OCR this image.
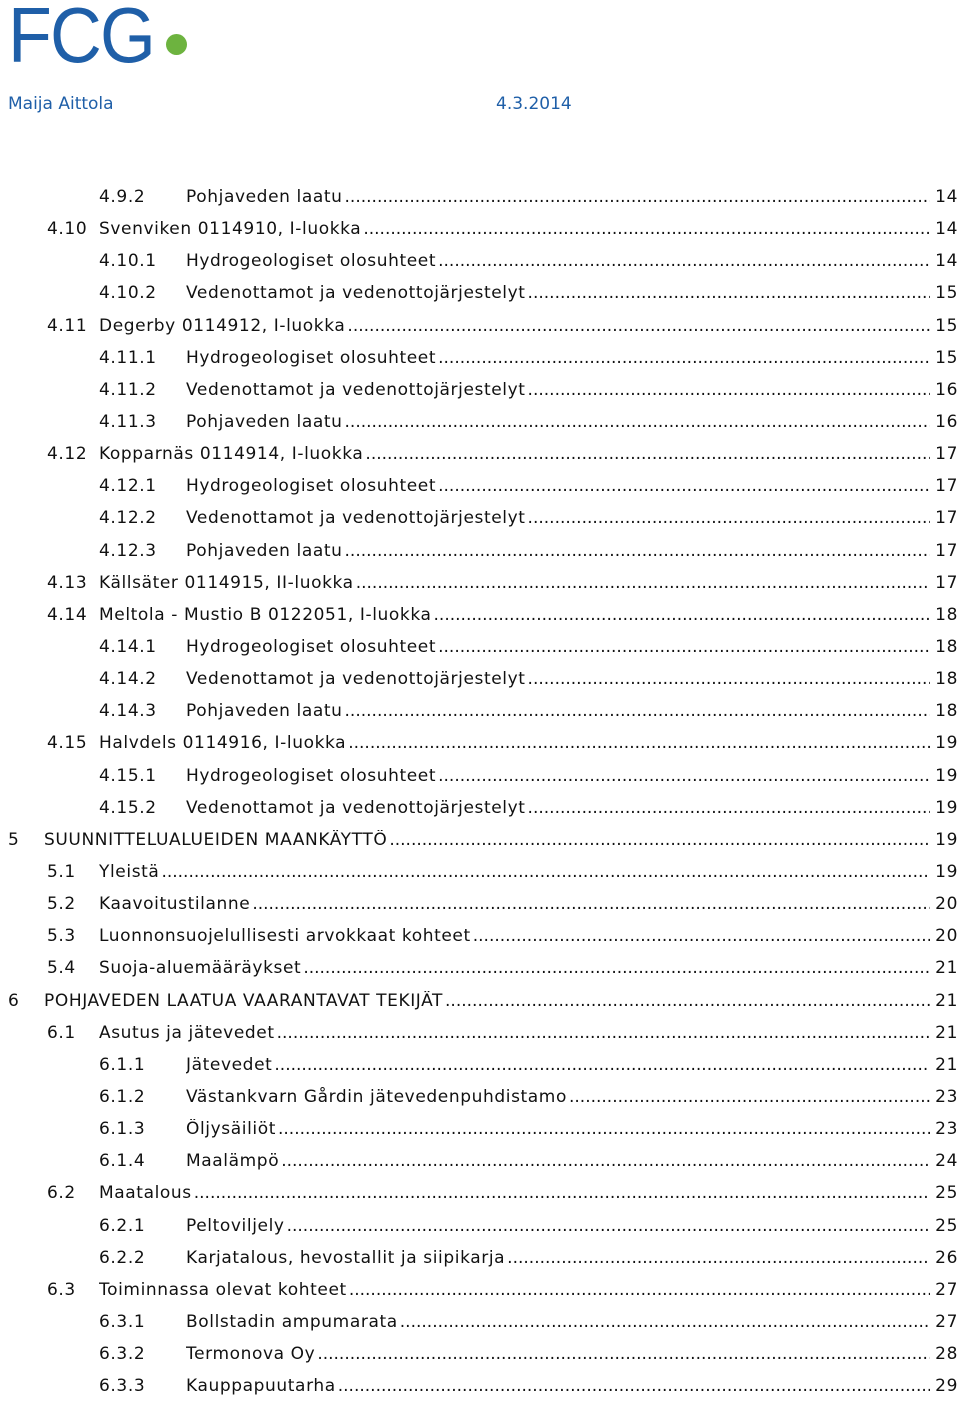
FCG
Maija Aittola	4.3.2014
4.9.2 Pohjaveden laatu .....	14
4.10 Svenviken 0114910, I-luokka .....	14
4.10.1 Hydrogeologiset olosuhteet .....	14
4.10.2 Vedenottamot ja vedenottojärjestelyt .....	15
4.11 Degerby 0114912, I-luokka .....	15
4.11.1 Hydrogeologiset olosuhteet .....	15
4.11.2 Vedenottamot ja vedenottojärjestelyt .....	16
4.11.3 Pohjaveden laatu .....	16
4.12 Kopparnäs 0114914, I-luokka .....	17
4.12.1 Hydrogeologiset olosuhteet .....	17
4.12.2 Vedenottamot ja vedenottojärjestelyt .....	17
4.12.3 Pohjaveden laatu .....	17
4.13 Källsäter 0114915, II-luokka .....	17
4.14 Meltola - Mustio B 0122051, I-luokka .....	18
4.14.1 Hydrogeologiset olosuhteet .....	18
4.14.2 Vedenottamot ja vedenottojärjestelyt .....	18
4.14.3 Pohjaveden laatu .....	18
4.15 Halvdels 0114916, I-luokka .....	19
4.15.1 Hydrogeologiset olosuhteet .....	19
4.15.2 Vedenottamot ja vedenottojärjestelyt .....	19
5 SUUNNITTELUALUEIDEN MAANKÄYTTÖ .....	19
5.1 Yleistä .....	19
5.2 Kaavoitustilanne .....	20
5.3 Luonnonsuojelullisesti arvokkaat kohteet .....	20
5.4 Suoja-aluemääräykset .....	21
6 POHJAVEDEN LAATUA VAARANTAVAT TEKIJÄT .....	21
6.1 Asutus ja jätevedet .....	21
6.1.1 Jätevedet .....	21
6.1.2 Västankvarn Gårdin jätevedenpuhdistamo .....	23
6.1.3 Öljysäiliöt .....	23
6.1.4 Maalämpö .....	24
6.2 Maatalous .....	25
6.2.1 Peltoviljely .....	25
6.2.2 Karjatalous, hevostallit ja siipikarja .....	26
6.3 Toiminnassa olevat kohteet .....	27
6.3.1 Bollstadin ampumarata .....	27
6.3.2 Termonova Oy .....	28
6.3.3 Kauppapuutarha .....	29
